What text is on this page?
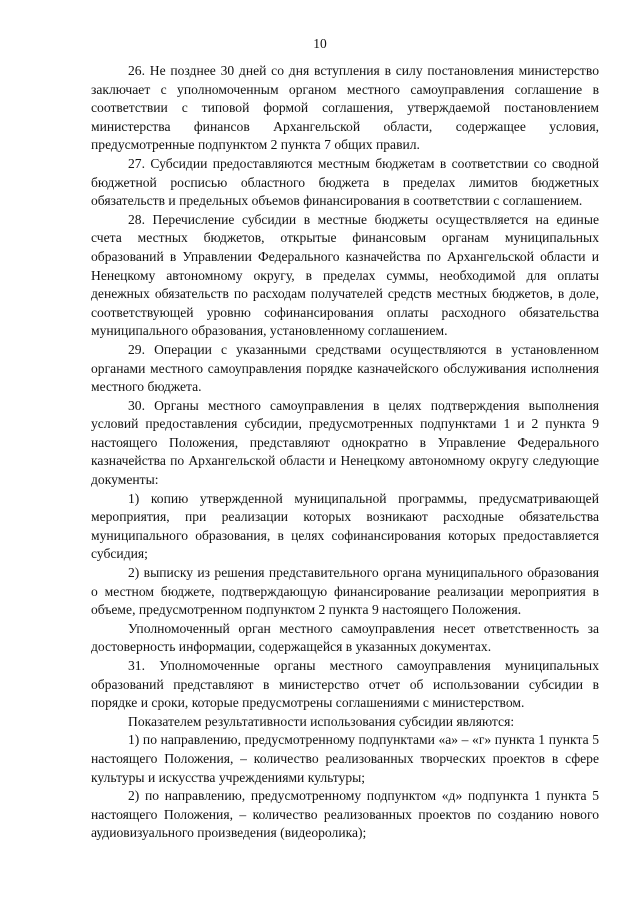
10

26. Не позднее 30 дней со дня вступления в силу постановления министерство заключает с уполномоченным органом местного самоуправления соглашение в соответствии с типовой формой соглашения, утверждаемой постановлением министерства финансов Архангельской области, содержащее условия, предусмотренные подпунктом 2 пункта 7 общих правил.

27. Субсидии предоставляются местным бюджетам в соответствии со сводной бюджетной росписью областного бюджета в пределах лимитов бюджетных обязательств и предельных объемов финансирования в соответствии с соглашением.

28. Перечисление субсидии в местные бюджеты осуществляется на единые счета местных бюджетов, открытые финансовым органам муниципальных образований в Управлении Федерального казначейства по Архангельской области и Ненецкому автономному округу, в пределах суммы, необходимой для оплаты денежных обязательств по расходам получателей средств местных бюджетов, в доле, соответствующей уровню софинансирования оплаты расходного обязательства муниципального образования, установленному соглашением.

29. Операции с указанными средствами осуществляются в установленном органами местного самоуправления порядке казначейского обслуживания исполнения местного бюджета.

30. Органы местного самоуправления в целях подтверждения выполнения условий предоставления субсидии, предусмотренных подпунктами 1 и 2 пункта 9 настоящего Положения, представляют однократно в Управление Федерального казначейства по Архангельской области и Ненецкому автономному округу следующие документы:

1) копию утвержденной муниципальной программы, предусматривающей мероприятия, при реализации которых возникают расходные обязательства муниципального образования, в целях софинансирования которых предоставляется субсидия;

2) выписку из решения представительного органа муниципального образования о местном бюджете, подтверждающую финансирование реализации мероприятия в объеме, предусмотренном подпунктом 2 пункта 9 настоящего Положения.

Уполномоченный орган местного самоуправления несет ответственность за достоверность информации, содержащейся в указанных документах.

31. Уполномоченные органы местного самоуправления муниципальных образований представляют в министерство отчет об использовании субсидии в порядке и сроки, которые предусмотрены соглашениями с министерством.

Показателем результативности использования субсидии являются:

1) по направлению, предусмотренному подпунктами «а» – «г» пункта 1 пункта 5 настоящего Положения, – количество реализованных творческих проектов в сфере культуры и искусства учреждениями культуры;

2) по направлению, предусмотренному подпунктом «д» подпункта 1 пункта 5 настоящего Положения, – количество реализованных проектов по созданию нового аудиовизуального произведения (видеоролика);
